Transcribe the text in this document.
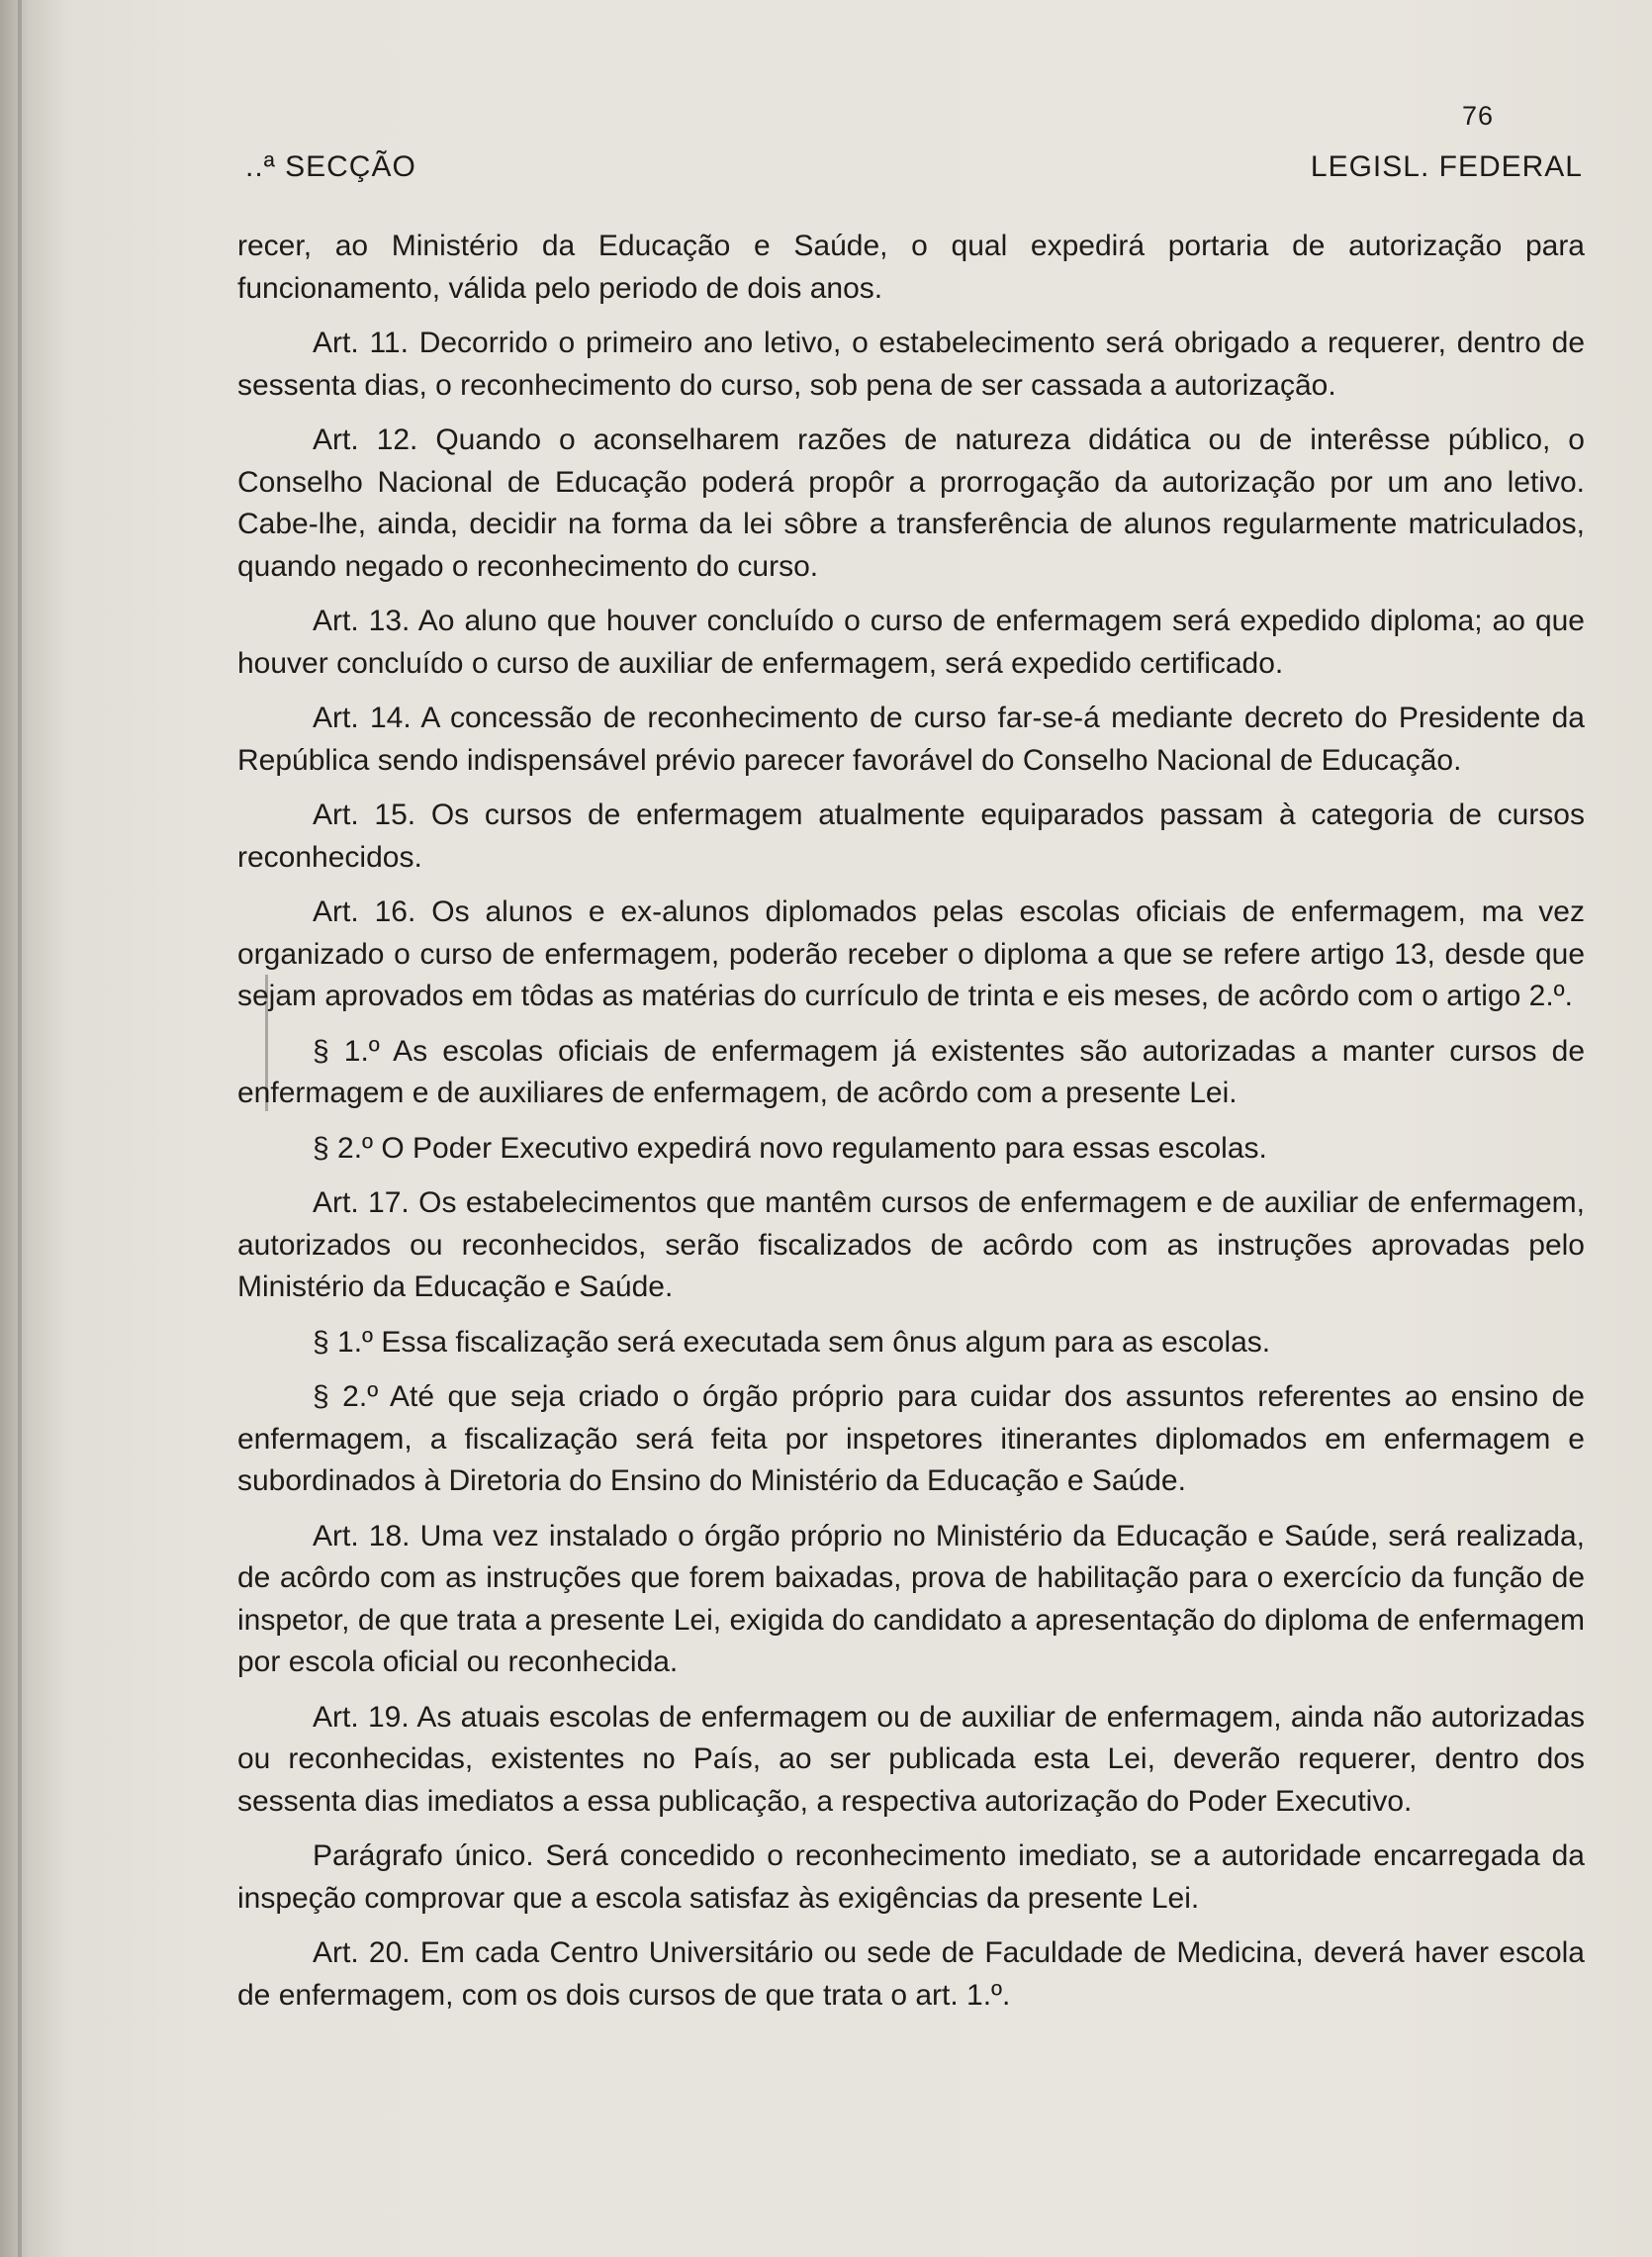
76
..ª SECÇÃO	LEGISL. FEDERAL

recer, ao Ministério da Educação e Saúde, o qual expedirá portaria de autorização para funcionamento, válida pelo periodo de dois anos.

Art. 11. Decorrido o primeiro ano letivo, o estabelecimento será obrigado a requerer, dentro de sessenta dias, o reconhecimento do curso, sob pena de ser cassada a autorização.

Art. 12. Quando o aconselharem razões de natureza didática ou de interêsse público, o Conselho Nacional de Educação poderá propôr a prorrogação da autorização por um ano letivo. Cabe-lhe, ainda, decidir na forma da lei sôbre a transferência de alunos regularmente matriculados, quando negado o reconhecimento do curso.

Art. 13. Ao aluno que houver concluído o curso de enfermagem será expedido diploma; ao que houver concluído o curso de auxiliar de enfermagem, será expedido certificado.

Art. 14. A concessão de reconhecimento de curso far-se-á mediante decreto do Presidente da República sendo indispensável prévio parecer favorável do Conselho Nacional de Educação.

Art. 15. Os cursos de enfermagem atualmente equiparados passam à categoria de cursos reconhecidos.

Art. 16. Os alunos e ex-alunos diplomados pelas escolas oficiais de enfermagem, ma vez organizado o curso de enfermagem, poderão receber o diploma a que se refere artigo 13, desde que sejam aprovados em tôdas as matérias do currículo de trinta e eis meses, de acôrdo com o artigo 2.º.

§ 1.º As escolas oficiais de enfermagem já existentes são autorizadas a manter cursos de enfermagem e de auxiliares de enfermagem, de acôrdo com a presente Lei.

§ 2.º O Poder Executivo expedirá novo regulamento para essas escolas.

Art. 17. Os estabelecimentos que mantêm cursos de enfermagem e de auxiliar de enfermagem, autorizados ou reconhecidos, serão fiscalizados de acôrdo com as instruções aprovadas pelo Ministério da Educação e Saúde.

§ 1.º Essa fiscalização será executada sem ônus algum para as escolas.

§ 2.º Até que seja criado o órgão próprio para cuidar dos assuntos referentes ao ensino de enfermagem, a fiscalização será feita por inspetores itinerantes diplomados em enfermagem e subordinados à Diretoria do Ensino do Ministério da Educação e Saúde.

Art. 18. Uma vez instalado o órgão próprio no Ministério da Educação e Saúde, será realizada, de acôrdo com as instruções que forem baixadas, prova de habilitação para o exercício da função de inspetor, de que trata a presente Lei, exigida do candidato a apresentação do diploma de enfermagem por escola oficial ou reconhecida.

Art. 19. As atuais escolas de enfermagem ou de auxiliar de enfermagem, ainda não autorizadas ou reconhecidas, existentes no País, ao ser publicada esta Lei, deverão requerer, dentro dos sessenta dias imediatos a essa publicação, a respectiva autorização do Poder Executivo.

Parágrafo único. Será concedido o reconhecimento imediato, se a autoridade encarregada da inspeção comprovar que a escola satisfaz às exigências da presente Lei.

Art. 20. Em cada Centro Universitário ou sede de Faculdade de Medicina, deverá haver escola de enfermagem, com os dois cursos de que trata o art. 1.º.
